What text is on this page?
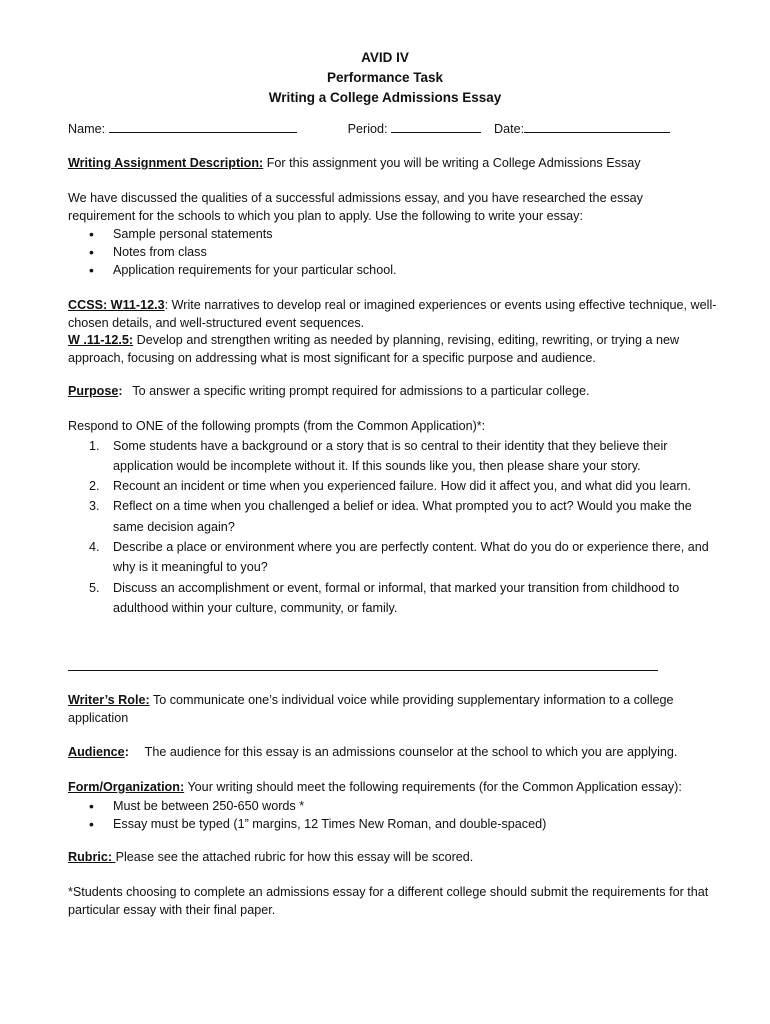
AVID IV
Performance Task
Writing a College Admissions Essay
Name:	Period:	Date:
Writing Assignment Description: For this assignment you will be writing a College Admissions Essay
We have discussed the qualities of a successful admissions essay, and you have researched the essay requirement for the schools to which you plan to apply. Use the following to write your essay:
• Sample personal statements
• Notes from class
• Application requirements for your particular school.
CCSS: W11-12.3: Write narratives to develop real or imagined experiences or events using effective technique, well-chosen details, and well-structured event sequences.
W .11-12.5: Develop and strengthen writing as needed by planning, revising, editing, rewriting, or trying a new approach, focusing on addressing what is most significant for a specific purpose and audience.
Purpose: To answer a specific writing prompt required for admissions to a particular college.
Respond to ONE of the following prompts (from the Common Application)*:
1. Some students have a background or a story that is so central to their identity that they believe their application would be incomplete without it. If this sounds like you, then please share your story.
2. Recount an incident or time when you experienced failure. How did it affect you, and what did you learn.
3. Reflect on a time when you challenged a belief or idea. What prompted you to act? Would you make the same decision again?
4. Describe a place or environment where you are perfectly content. What do you do or experience there, and why is it meaningful to you?
5. Discuss an accomplishment or event, formal or informal, that marked your transition from childhood to adulthood within your culture, community, or family.
Writer’s Role: To communicate one’s individual voice while providing supplementary information to a college application
Audience: The audience for this essay is an admissions counselor at the school to which you are applying.
Form/Organization: Your writing should meet the following requirements (for the Common Application essay):
• Must be between 250-650 words *
• Essay must be typed (1” margins, 12 Times New Roman, and double-spaced)
Rubric: Please see the attached rubric for how this essay will be scored.
*Students choosing to complete an admissions essay for a different college should submit the requirements for that particular essay with their final paper.
